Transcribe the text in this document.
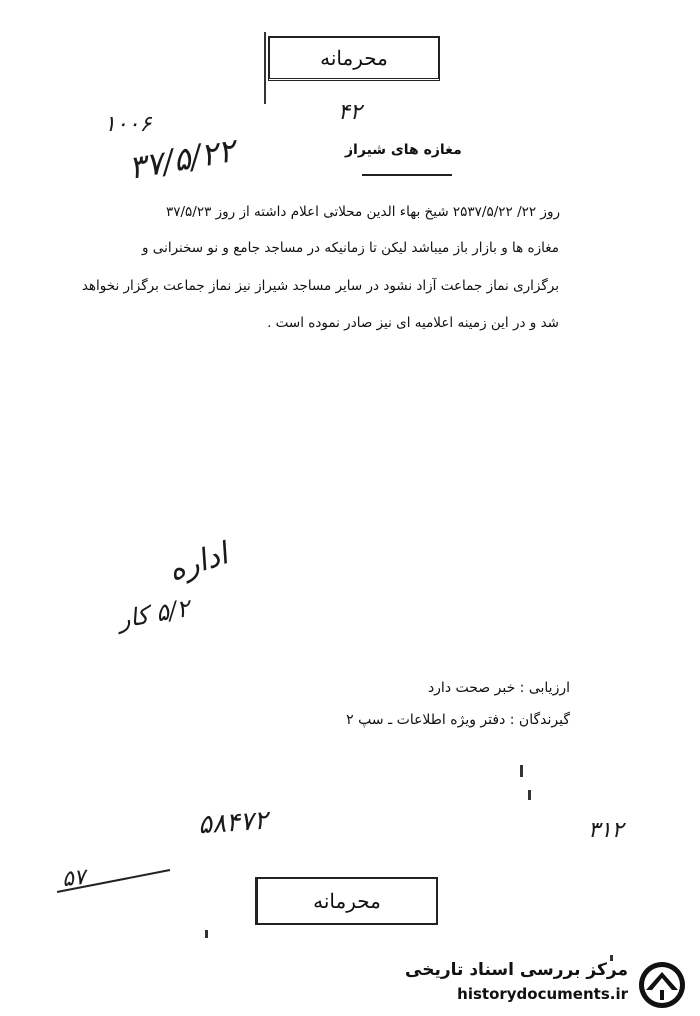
محرمانه
۱۰۰۶	۴۲
۳۷/۵/۲۲	مغازه های شیراز
روز ۲۲/ ۲۵۳۷/۵/۲۲ شیخ بهاء الدین محلاتی اعلام داشته از روز ۳۷/۵/۲۳
مغازه ها و بازار باز میباشد لیکن تا زمانیکه در مساجد جامع و نو سخنرانی و
برگزاری نماز جماعت آزاد نشود در سایر مساجد شیراز نیز نماز جماعت برگزار نخواهد
شد و در این زمینه اعلامیه ای نیز صادر نموده است .
اداره
۵/۲ کار
ارزیابی : خبر صحت دارد
گیرندگان : دفتر ویژه اطلاعات ـ سپ ۲
۵۸۴۷۲
۵۷
۳۱۲
محرمانه
مرکز بررسی اسناد تاریخی
historydocuments.ir
